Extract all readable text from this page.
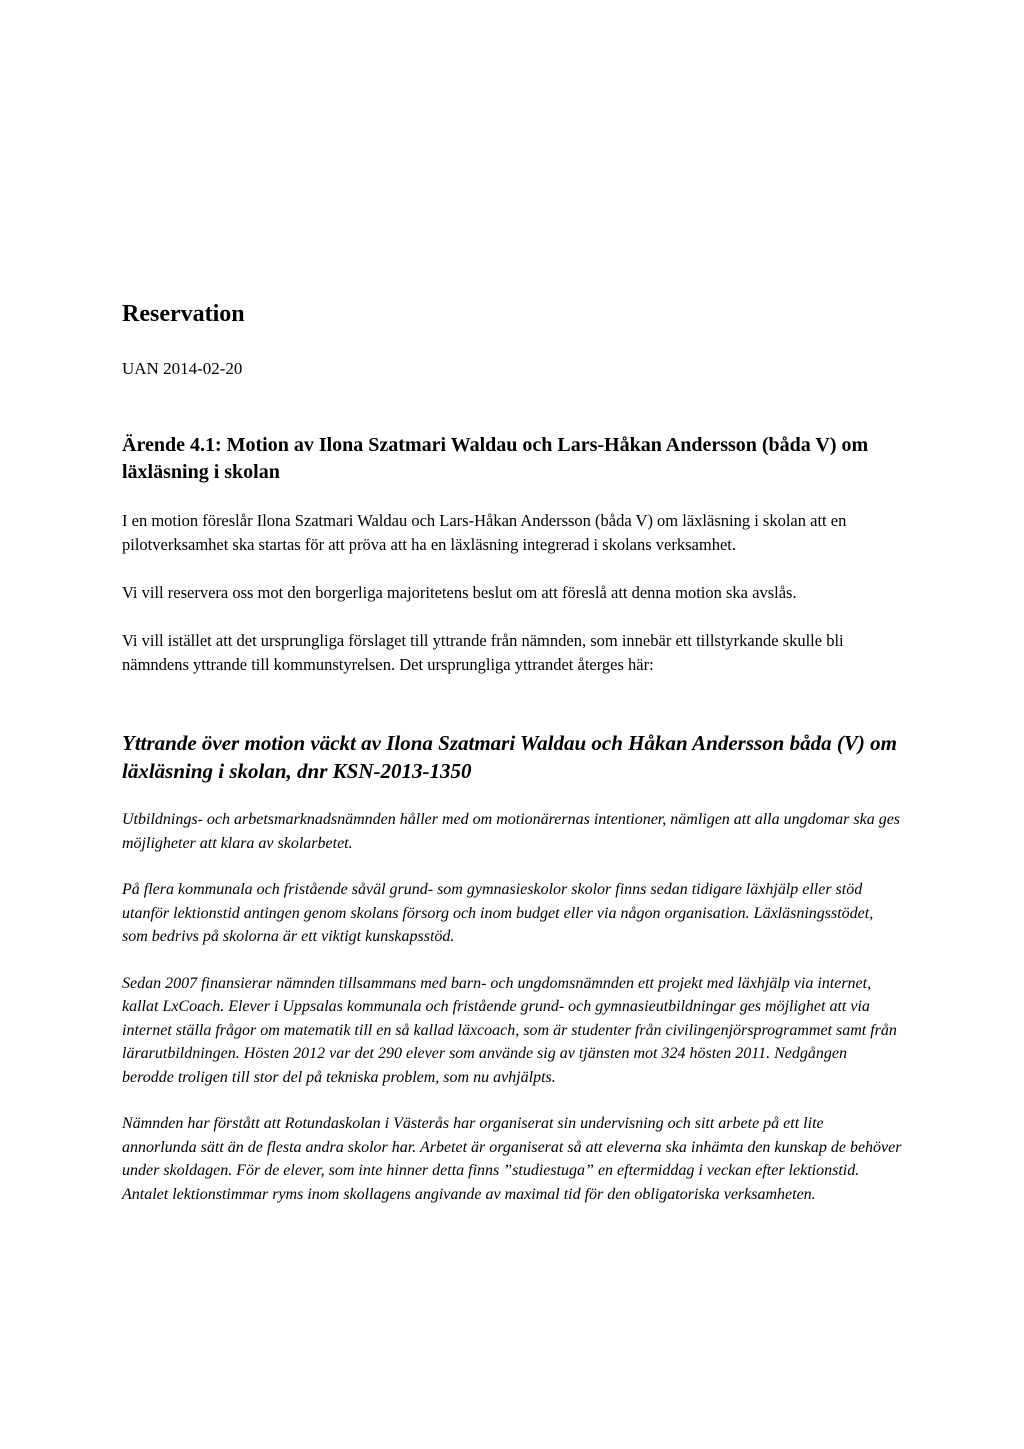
Reservation

UAN 2014-02-20

Ärende 4.1: Motion av Ilona Szatmari Waldau och Lars-Håkan Andersson (båda V) om läxläsning i skolan

I en motion föreslår Ilona Szatmari Waldau och Lars-Håkan Andersson (båda V) om läxläsning i skolan att en pilotverksamhet ska startas för att pröva att ha en läxläsning integrerad i skolans verksamhet.

Vi vill reservera oss mot den borgerliga majoritetens beslut om att föreslå att denna motion ska avslås.

Vi vill istället att det ursprungliga förslaget till yttrande från nämnden, som innebär ett tillstyrkande skulle bli nämndens yttrande till kommunstyrelsen. Det ursprungliga yttrandet återges här:

Yttrande över motion väckt av Ilona Szatmari Waldau och Håkan Andersson båda (V) om läxläsning i skolan, dnr KSN-2013-1350

Utbildnings- och arbetsmarknadsnämnden håller med om motionärernas intentioner, nämligen att alla ungdomar ska ges möjligheter att klara av skolarbetet.

På flera kommunala och fristående såväl grund- som gymnasieskolor skolor finns sedan tidigare läxhjälp eller stöd utanför lektionstid antingen genom skolans försorg och inom budget eller via någon organisation. Läxläsningsstödet, som bedrivs på skolorna är ett viktigt kunskapsstöd.

Sedan 2007 finansierar nämnden tillsammans med barn- och ungdomsnämnden ett projekt med läxhjälp via internet, kallat LxCoach. Elever i Uppsalas kommunala och fristående grund- och gymnasieutbildningar ges möjlighet att via internet ställa frågor om matematik till en så kallad läxcoach, som är studenter från civilingenjörsprogrammet samt från lärarutbildningen. Hösten 2012 var det 290 elever som använde sig av tjänsten mot 324 hösten 2011. Nedgången berodde troligen till stor del på tekniska problem, som nu avhjälpts.

Nämnden har förstått att Rotundaskolan i Västerås har organiserat sin undervisning och sitt arbete på ett lite annorlunda sätt än de flesta andra skolor har. Arbetet är organiserat så att eleverna ska inhämta den kunskap de behöver under skoldagen. För de elever, som inte hinner detta finns ”studiestuga” en eftermiddag i veckan efter lektionstid. Antalet lektionstimmar ryms inom skollagens angivande av maximal tid för den obligatoriska verksamheten.
